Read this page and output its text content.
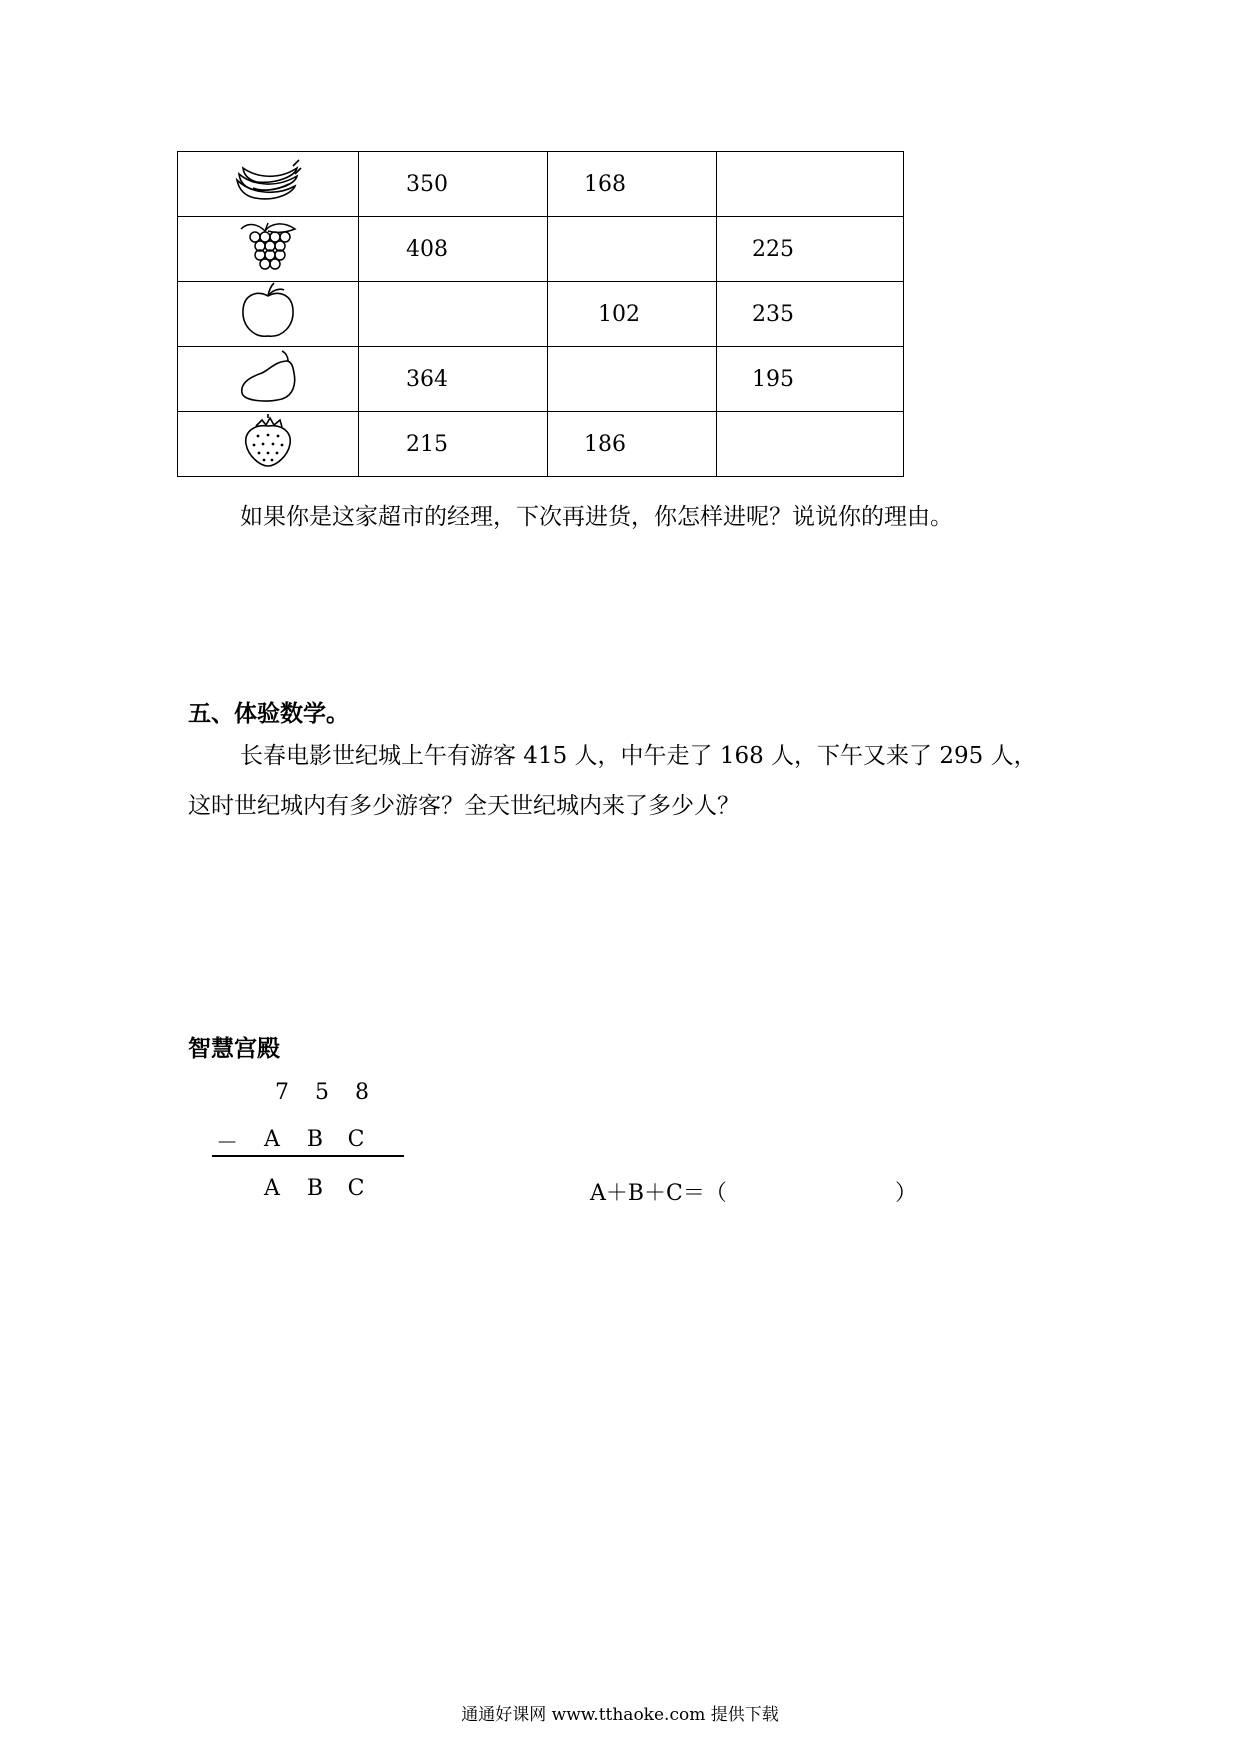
	350	168	
	408		225
		102	235
	364		195
	215	186	
如果你是这家超市的经理，下次再进货，你怎样进呢？说说你的理由。
五、体验数学。
长春电影世纪城上午有游客 415 人，中午走了 168 人，下午又来了 295 人，
这时世纪城内有多少游客？全天世纪城内来了多少人？
智慧宫殿
7	5	8
－	A	B	C
A	B	C	A＋B＋C＝（	）
通通好课网 www.tthaoke.com 提供下载
